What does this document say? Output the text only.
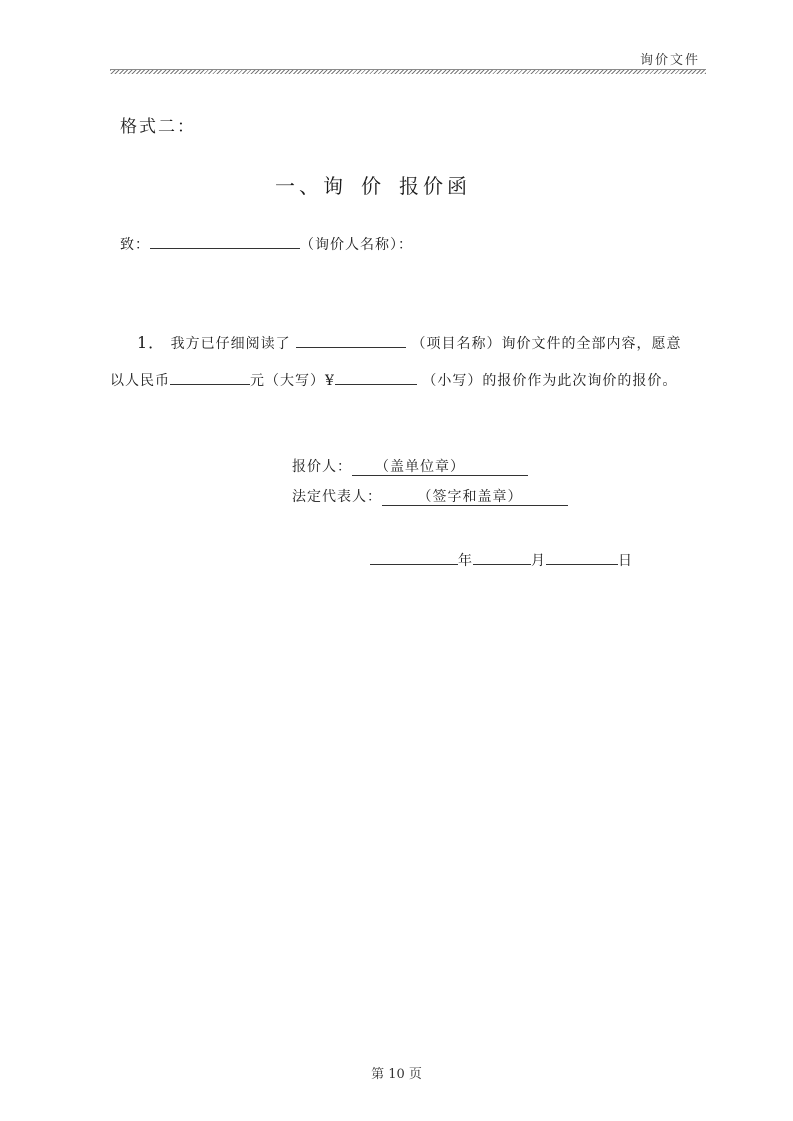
询价文件
格式二：
一、询 价 报价函
致：	（询价人名称）：
1． 我方已仔细阅读了	（项目名称）询价文件的全部内容，愿意
以人民币	元（大写）¥	（小写）的报价作为此次询价的报价。
报价人： （盖单位章）
法定代表人：	（签字和盖章）
年	月	日
第 10 页
